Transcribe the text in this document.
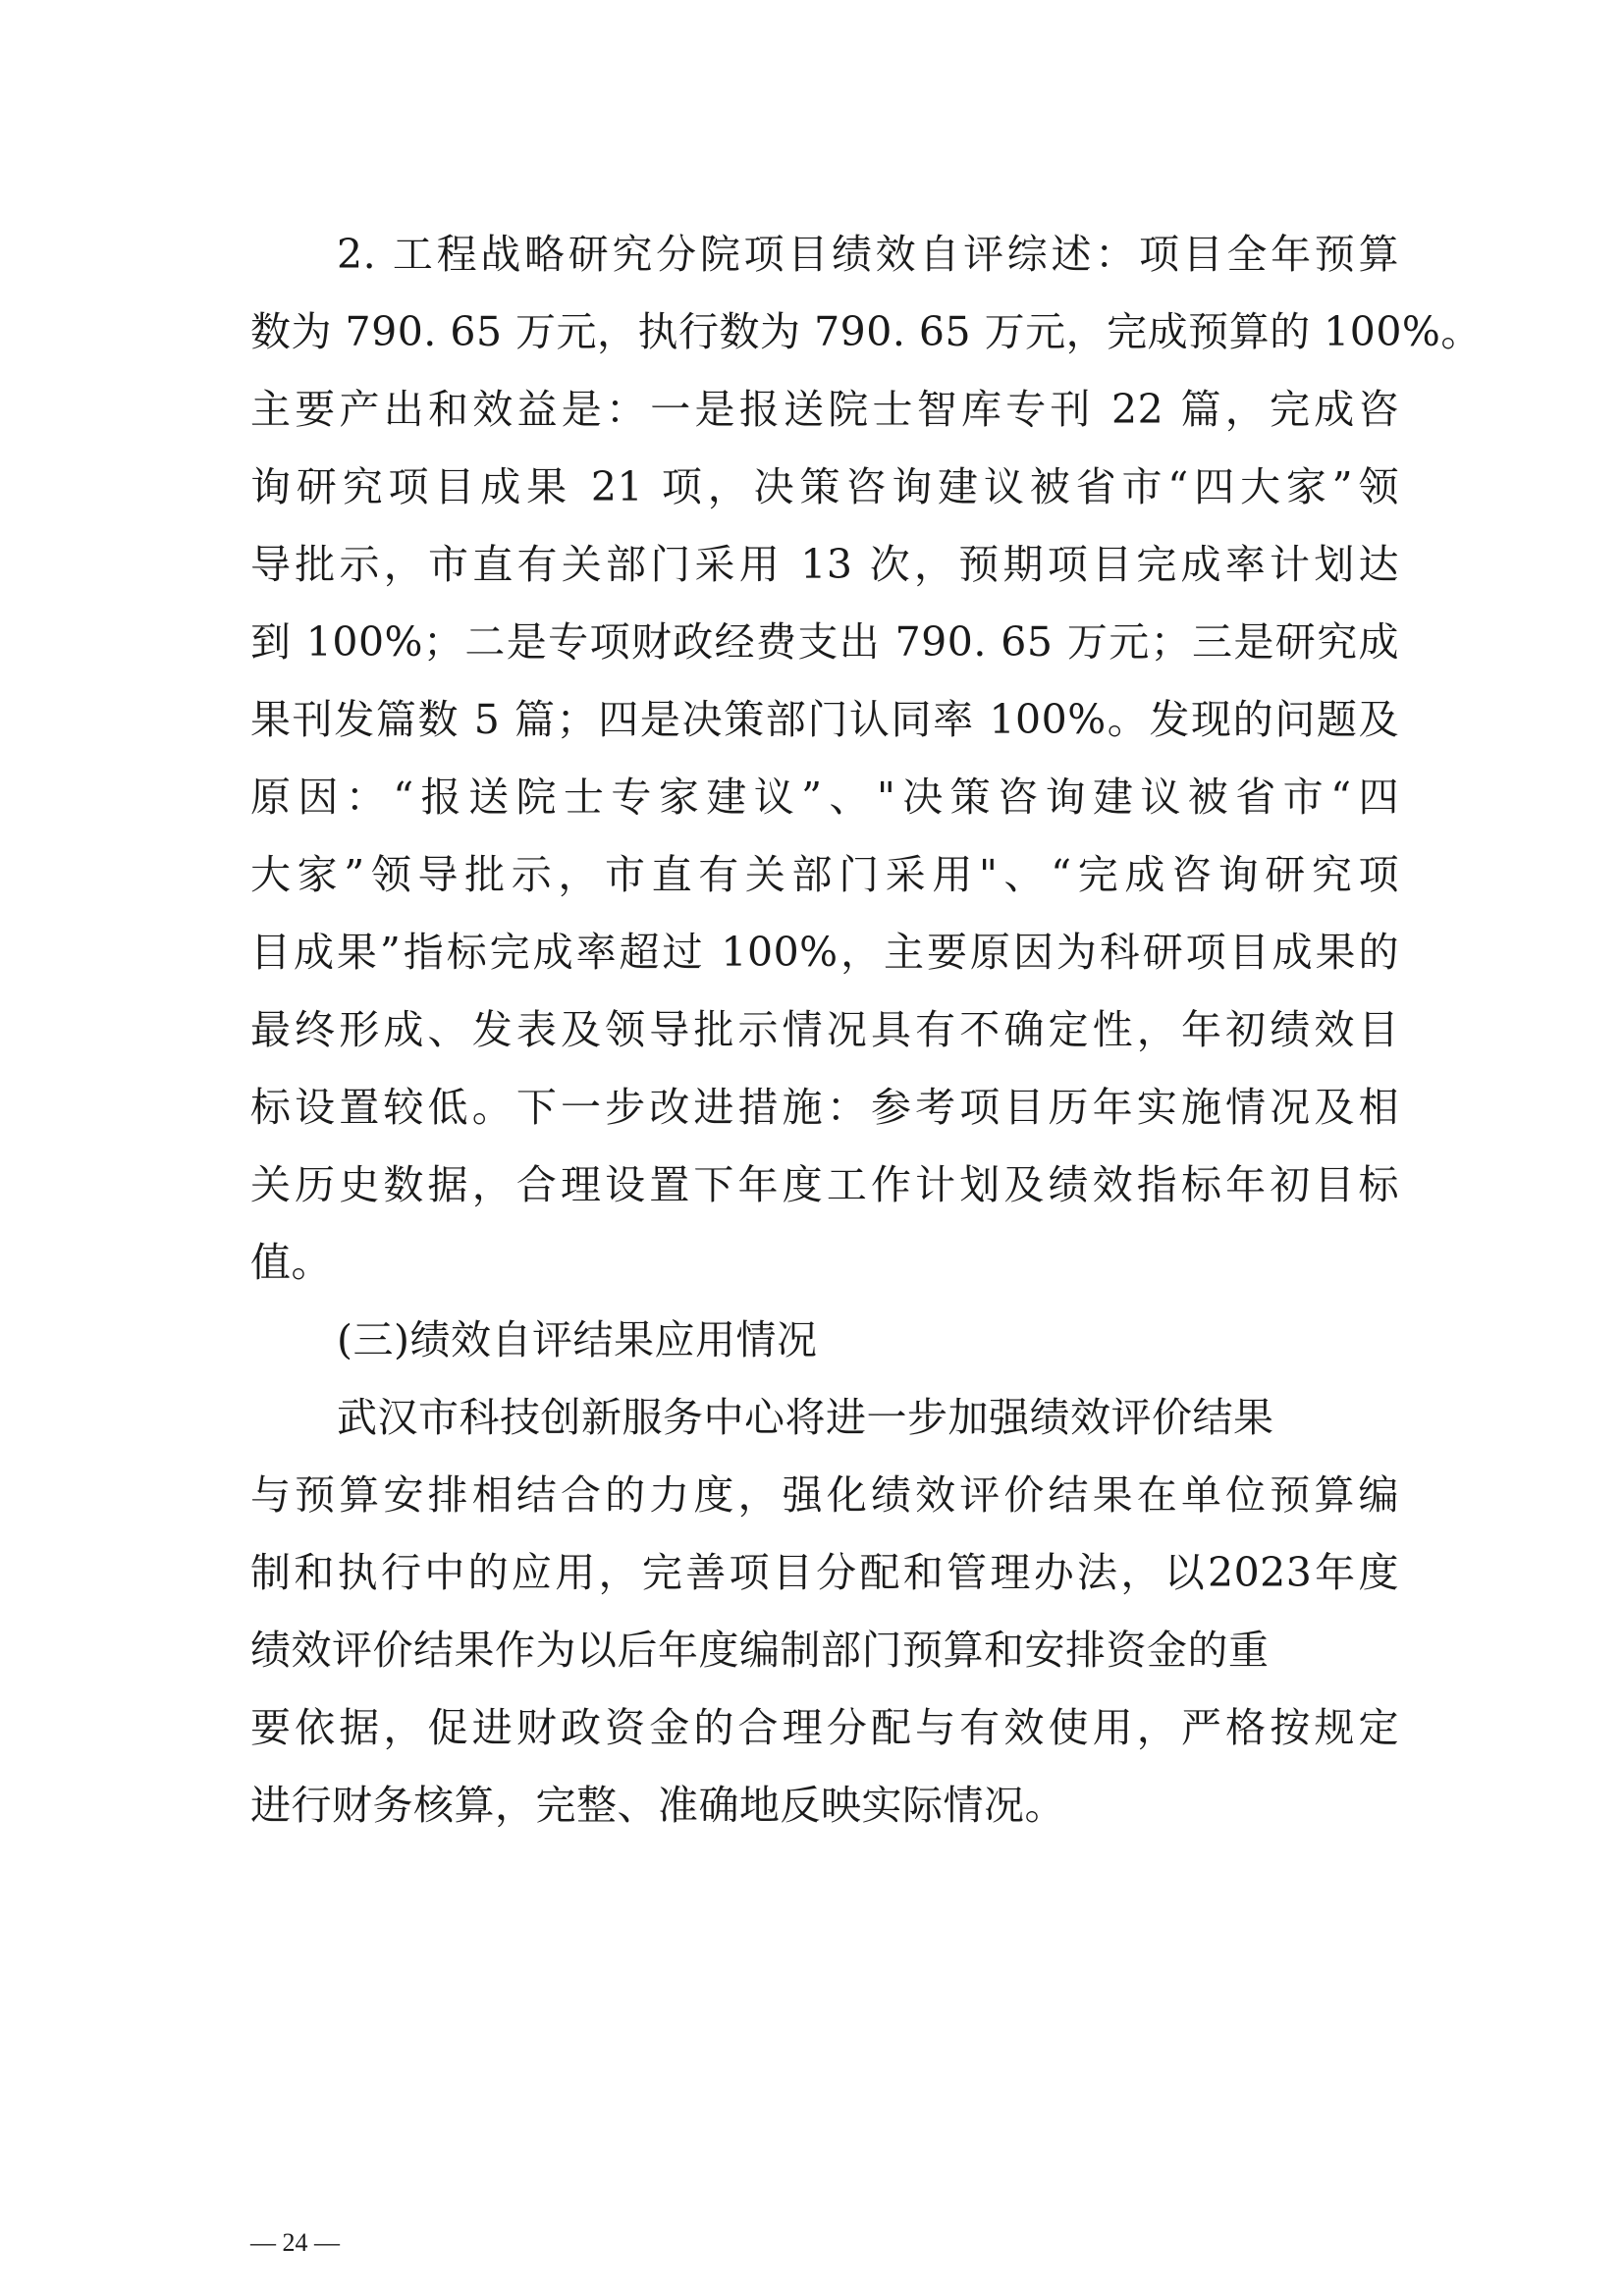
2. 工程战略研究分院项目绩效自评综述：项目全年预算
数为 790. 65 万元，执行数为 790. 65 万元，完成预算的 100%。
主要产出和效益是：一是报送院士智库专刊 22 篇，完成咨
询研究项目成果 21 项，决策咨询建议被省市“四大家”领
导批示，市直有关部门采用 13 次，预期项目完成率计划达
到 100%；二是专项财政经费支出 790. 65 万元；三是研究成
果刊发篇数 5 篇；四是决策部门认同率 100%。发现的问题及
原因：“报送院士专家建议”、"决策咨询建议被省市“四
大家”领导批示，市直有关部门采用"、“完成咨询研究项
目成果”指标完成率超过 100%，主要原因为科研项目成果的
最终形成、发表及领导批示情况具有不确定性，年初绩效目
标设置较低。下一步改进措施：参考项目历年实施情况及相
关历史数据，合理设置下年度工作计划及绩效指标年初目标
值。
(三)绩效自评结果应用情况
武汉市科技创新服务中心将进一步加强绩效评价结果
与预算安排相结合的力度，强化绩效评价结果在单位预算编
制和执行中的应用，完善项目分配和管理办法，以2023年度
绩效评价结果作为以后年度编制部门预算和安排资金的重
要依据，促进财政资金的合理分配与有效使用，严格按规定
进行财务核算，完整、准确地反映实际情况。
— 24 —
